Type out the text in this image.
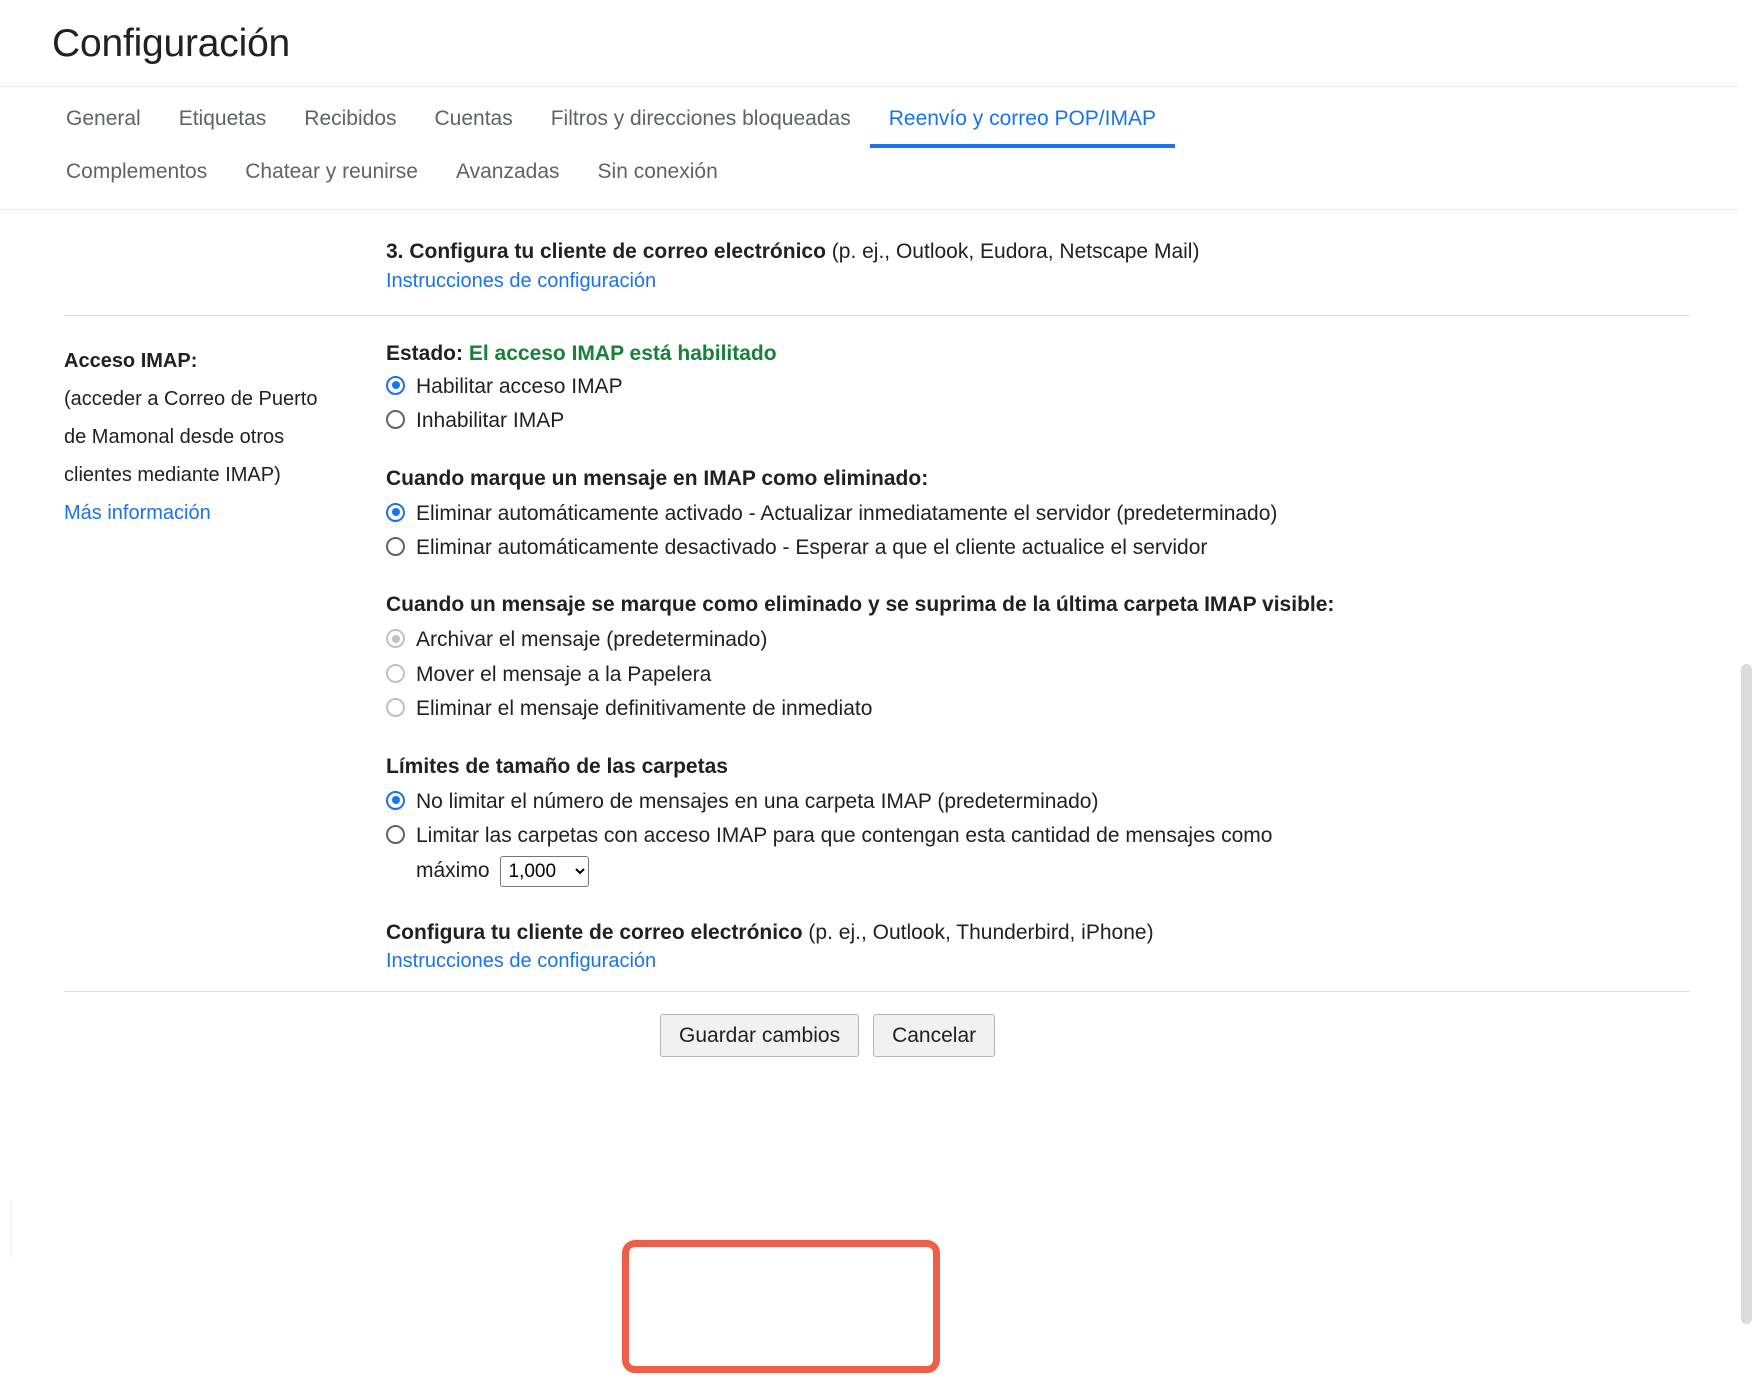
Configuración
General	Etiquetas	Recibidos	Cuentas	Filtros y direcciones bloqueadas	Reenvío y correo POP/IMAP
Complementos	Chatear y reunirse	Avanzadas	Sin conexión
3. Configura tu cliente de correo electrónico (p. ej., Outlook, Eudora, Netscape Mail)
Instrucciones de configuración
Acceso IMAP:
(acceder a Correo de Puerto
de Mamonal desde otros
clientes mediante IMAP)
Más información
Estado: El acceso IMAP está habilitado
Habilitar acceso IMAP
Inhabilitar IMAP
Cuando marque un mensaje en IMAP como eliminado:
Eliminar automáticamente activado - Actualizar inmediatamente el servidor (predeterminado)
Eliminar automáticamente desactivado - Esperar a que el cliente actualice el servidor
Cuando un mensaje se marque como eliminado y se suprima de la última carpeta IMAP visible:
Archivar el mensaje (predeterminado)
Mover el mensaje a la Papelera
Eliminar el mensaje definitivamente de inmediato
Límites de tamaño de las carpetas
No limitar el número de mensajes en una carpeta IMAP (predeterminado)
Limitar las carpetas con acceso IMAP para que contengan esta cantidad de mensajes como
máximo
1,000
Configura tu cliente de correo electrónico (p. ej., Outlook, Thunderbird, iPhone)
Instrucciones de configuración
Guardar cambios	Cancelar
